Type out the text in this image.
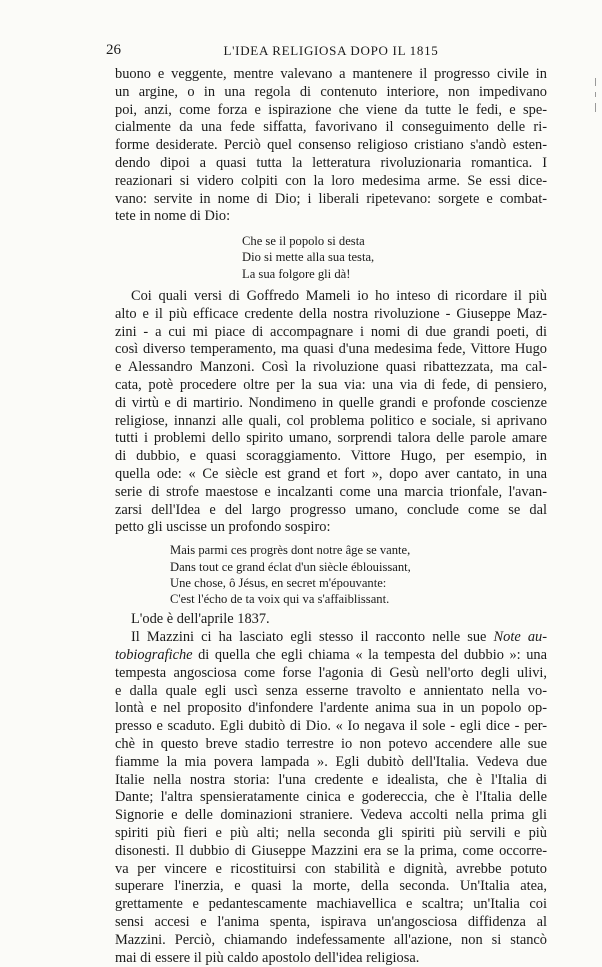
26	L'IDEA RELIGIOSA DOPO IL 1815
buono e veggente, mentre valevano a mantenere il progresso civile in
un argine, o in una regola di contenuto interiore, non impedivano
poi, anzi, come forza e ispirazione che viene da tutte le fedi, e spe-
cialmente da una fede siffatta, favorivano il conseguimento delle ri-
forme desiderate. Perciò quel consenso religioso cristiano s'andò esten-
dendo dipoi a quasi tutta la letteratura rivoluzionaria romantica. I
reazionari si videro colpiti con la loro medesima arme. Se essi dice-
vano: servite in nome di Dio; i liberali ripetevano: sorgete e combat-
tete in nome di Dio:
Che se il popolo si desta
Dio si mette alla sua testa,
La sua folgore gli dà!
Coi quali versi di Goffredo Mameli io ho inteso di ricordare il più
alto e il più efficace credente della nostra rivoluzione - Giuseppe Maz-
zini - a cui mi piace di accompagnare i nomi di due grandi poeti, di
così diverso temperamento, ma quasi d'una medesima fede, Vittore Hugo
e Alessandro Manzoni. Così la rivoluzione quasi ribattezzata, ma cal-
cata, potè procedere oltre per la sua via: una via di fede, di pensiero,
di virtù e di martirio. Nondimeno in quelle grandi e profonde coscienze
religiose, innanzi alle quali, col problema politico e sociale, si aprivano
tutti i problemi dello spirito umano, sorprendi talora delle parole amare
di dubbio, e quasi scoraggiamento. Vittore Hugo, per esempio, in
quella ode: « Ce siècle est grand et fort », dopo aver cantato, in una
serie di strofe maestose e incalzanti come una marcia trionfale, l'avan-
zarsi dell'Idea e del largo progresso umano, conclude come se dal
petto gli uscisse un profondo sospiro:
Mais parmi ces progrès dont notre âge se vante,
Dans tout ce grand éclat d'un siècle éblouissant,
Une chose, ô Jésus, en secret m'épouvante:
C'est l'écho de ta voix qui va s'affaiblissant.
L'ode è dell'aprile 1837.
Il Mazzini ci ha lasciato egli stesso il racconto nelle sue Note au-
tobiografiche di quella che egli chiama « la tempesta del dubbio »: una
tempesta angosciosa come forse l'agonia di Gesù nell'orto degli ulivi,
e dalla quale egli uscì senza esserne travolto e annientato nella vo-
lontà e nel proposito d'infondere l'ardente anima sua in un popolo op-
presso e scaduto. Egli dubitò di Dio. « Io negava il sole - egli dice - per-
chè in questo breve stadio terrestre io non potevo accendere alle sue
fiamme la mia povera lampada ». Egli dubitò dell'Italia. Vedeva due
Italie nella nostra storia: l'una credente e idealista, che è l'Italia di
Dante; l'altra spensieratamente cinica e godereccia, che è l'Italia delle
Signorie e delle dominazioni straniere. Vedeva accolti nella prima gli
spiriti più fieri e più alti; nella seconda gli spiriti più servili e più
disonesti. Il dubbio di Giuseppe Mazzini era se la prima, come occorre-
va per vincere e ricostituirsi con stabilità e dignità, avrebbe potuto
superare l'inerzia, e quasi la morte, della seconda. Un'Italia atea,
grettamente e pedantescamente machiavellica e scaltra; un'Italia coi
sensi accesi e l'anima spenta, ispirava un'angosciosa diffidenza al
Mazzini. Perciò, chiamando indefessamente all'azione, non si stancò
mai di essere il più caldo apostolo dell'idea religiosa.
